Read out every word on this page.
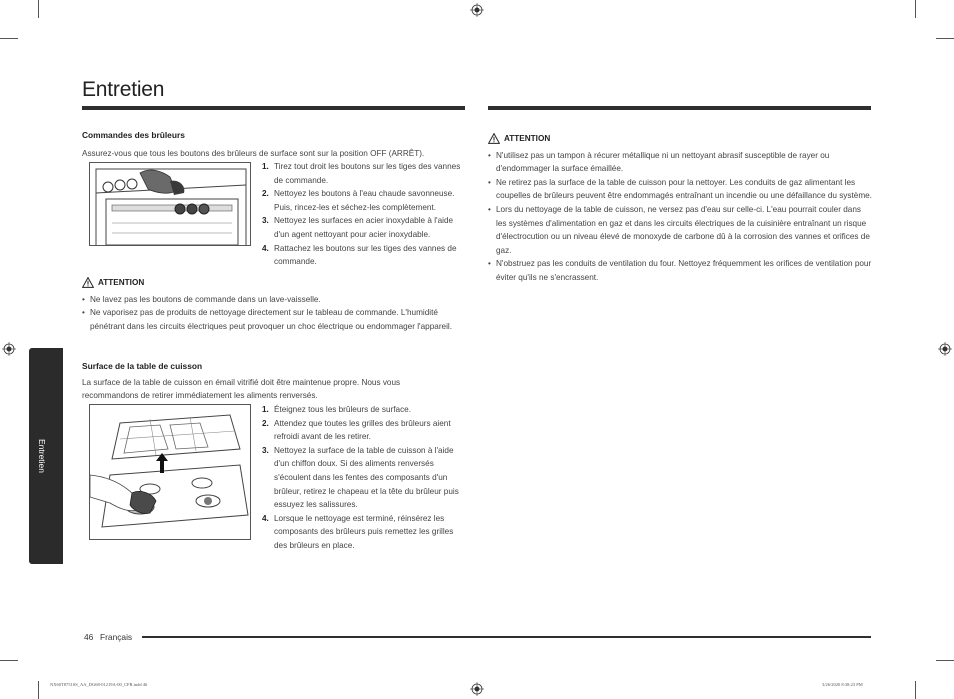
Entretien
Entretien
Commandes des brûleurs
Assurez-vous que tous les boutons des brûleurs de surface sont sur la position OFF (ARRÊT).
1. Tirez tout droit les boutons sur les tiges des vannes de commande.
2. Nettoyez les boutons à l'eau chaude savonneuse. Puis, rincez-les et séchez-les complètement.
3. Nettoyez les surfaces en acier inoxydable à l'aide d'un agent nettoyant pour acier inoxydable.
4. Rattachez les boutons sur les tiges des vannes de commande.
ATTENTION
• Ne lavez pas les boutons de commande dans un lave-vaisselle.
• Ne vaporisez pas de produits de nettoyage directement sur le tableau de commande. L'humidité pénétrant dans les circuits électriques peut provoquer un choc électrique ou endommager l'appareil.
Surface de la table de cuisson
La surface de la table de cuisson en émail vitrifié doit être maintenue propre. Nous vous recommandons de retirer immédiatement les aliments renversés.
1. Éteignez tous les brûleurs de surface.
2. Attendez que toutes les grilles des brûleurs aient refroidi avant de les retirer.
3. Nettoyez la surface de la table de cuisson à l'aide d'un chiffon doux. Si des aliments renversés s'écoulent dans les fentes des composants d'un brûleur, retirez le chapeau et la tête du brûleur puis essuyez les salissures.
4. Lorsque le nettoyage est terminé, réinsérez les composants des brûleurs puis remettez les grilles des brûleurs en place.
ATTENTION
• N'utilisez pas un tampon à récurer métallique ni un nettoyant abrasif susceptible de rayer ou d'endommager la surface émaillée.
• Ne retirez pas la surface de la table de cuisson pour la nettoyer. Les conduits de gaz alimentant les coupelles de brûleurs peuvent être endommagés entraînant un incendie ou une défaillance du système.
• Lors du nettoyage de la table de cuisson, ne versez pas d'eau sur celle-ci. L'eau pourrait couler dans les systèmes d'alimentation en gaz et dans les circuits électriques de la cuisinière entraînant un risque d'électrocution ou un niveau élevé de monoxyde de carbone dû à la corrosion des vannes et orifices de gaz.
• N'obstruez pas les conduits de ventilation du four. Nettoyez fréquemment les orifices de ventilation pour éviter qu'ils ne s'encrassent.
46 Français
NX60T8751SS_AA_DG68-01219A-00_CFR.indd 46	3/26/2020 8:38:23 PM
